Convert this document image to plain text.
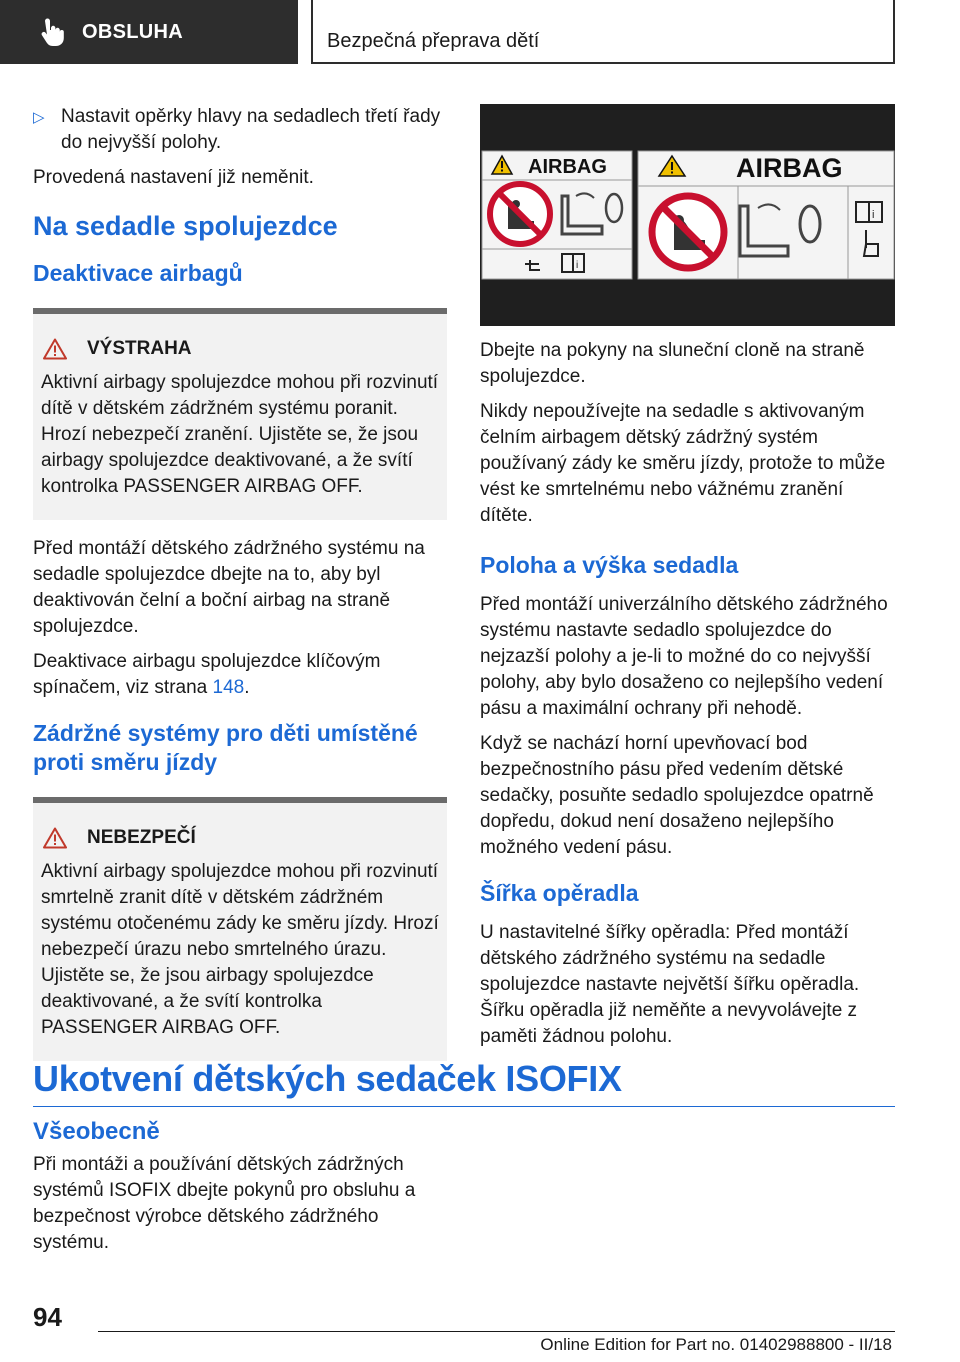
OBSLUHA	Bezpečná přeprava dětí
▷ Nastavit opěrky hlavy na sedadlech třetí řady do nejvyšší polohy.

Provedená nastavení již neměnit.

Na sedadle spolujezdce
Deaktivace airbagů
VÝSTRAHA

Aktivní airbagy spolujezdce mohou při rozvinutí dítě v dětském zádržném systému poranit. Hrozí nebezpečí zranění. Ujistěte se, že jsou airbagy spolujezdce deaktivované, a že svítí kontrolka PASSENGER AIRBAG OFF.

Před montáží dětského zádržného systému na sedadle spolujezdce dbejte na to, aby byl deaktivován čelní a boční airbag na straně spolujezdce.

Deaktivace airbagu spolujezdce klíčovým spínačem, viz strana 148.

Zádržné systémy pro děti umístěné proti směru jízdy
NEBEZPEČÍ

Aktivní airbagy spolujezdce mohou při rozvinutí smrtelně zranit dítě v dětském zádržném systému otočenému zády ke směru jízdy. Hrozí nebezpečí úrazu nebo smrtelného úrazu. Ujistěte se, že jsou airbagy spolujezdce deaktivované, a že svítí kontrolka PASSENGER AIRBAG OFF.

AIRBAG
i
AIRBAG
i

Dbejte na pokyny na sluneční cloně na straně spolujezdce.

Nikdy nepoužívejte na sedadle s aktivovaným čelním airbagem dětský zádržný systém používaný zády ke směru jízdy, protože to může vést ke smrtelnému nebo vážnému zranění dítěte.

Poloha a výška sedadla

Před montáží univerzálního dětského zádržného systému nastavte sedadlo spolujezdce do nejzazší polohy a je-li to možné do co nejvyšší polohy, aby bylo dosaženo co nejlepšího vedení pásu a maximální ochrany při nehodě.

Když se nachází horní upevňovací bod bezpečnostního pásu před vedením dětské sedačky, posuňte sedadlo spolujezdce opatrně dopředu, dokud není dosaženo nejlepšího možného vedení pásu.

Šířka opěradla

U nastavitelné šířky opěradla: Před montáží dětského zádržného systému na sedadle spolujezdce nastavte největší šířku opěradla. Šířku opěradla již neměňte a nevyvolávejte z paměti žádnou polohu.

Ukotvení dětských sedaček ISOFIX
Všeobecně

Při montáži a používání dětských zádržných systémů ISOFIX dbejte pokynů pro obsluhu a bezpečnost výrobce dětského zádržného systému.

94
Online Edition for Part no. 01402988800 - II/18
